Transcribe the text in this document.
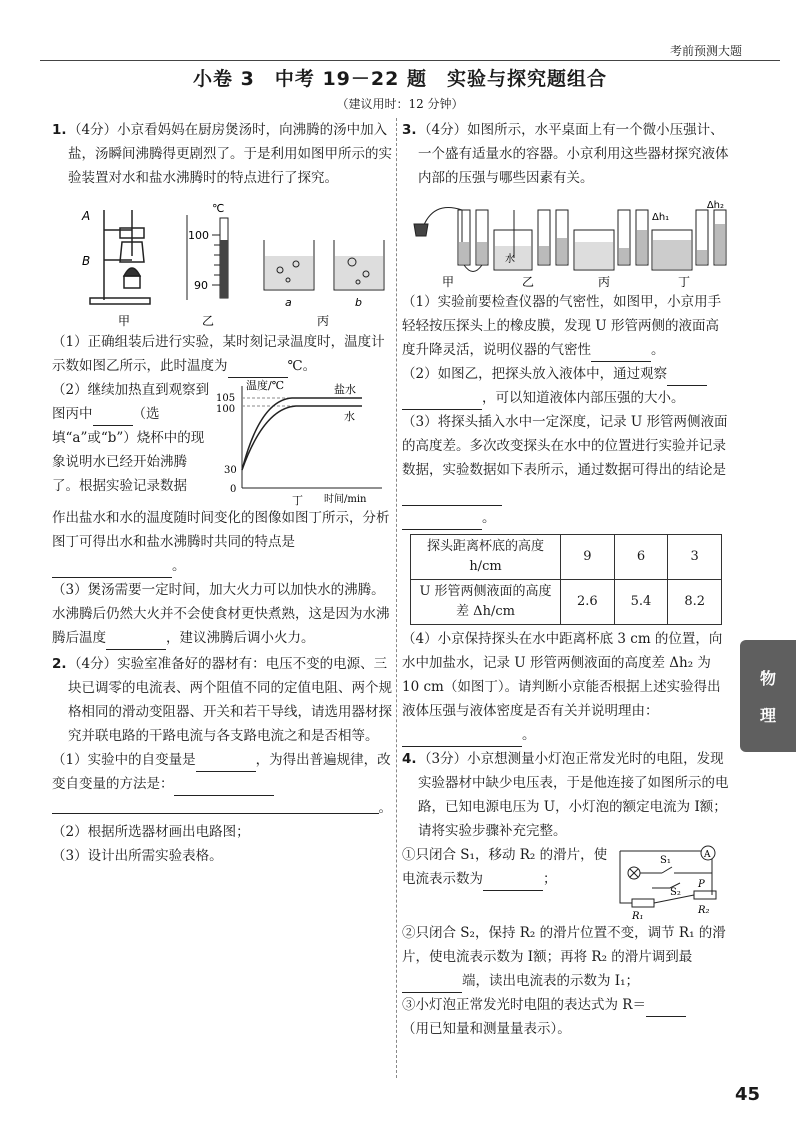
考前预测大题
小卷 3　中考 19－22 题　实验与探究题组合
（建议用时：12 分钟）
1. （4分）小京看妈妈在厨房煲汤时，向沸腾的汤中加入盐，汤瞬间沸腾得更剧烈了。于是利用如图甲所示的实验装置对水和盐水沸腾时的特点进行了探究。
A
B
甲
℃
100
90
乙
a	b
丙
（1）正确组装后进行实验，某时刻记录温度时，温度计示数如图乙所示，此时温度为	℃。
（2）继续加热直到观察到图丙中	（选填“a”或“b”）烧杯中的现象说明水已经开始沸腾了。根据实验记录数据
温度/℃	盐水
水
105
100
30
0
时间/min
丁
作出盐水和水的温度随时间变化的图像如图丁所示，分析图丁可得出水和盐水沸腾时共同的特点是。
（3）煲汤需要一定时间，加大火力可以加快水的沸腾。水沸腾后仍然大火并不会使食材更快煮熟，这是因为水沸腾后温度	，建议沸腾后调小火力。
2. （4分）实验室准备好的器材有：电压不变的电源、三块已调零的电流表、两个阻值不同的定值电阻、两个规格相同的滑动变阻器、开关和若干导线，请选用器材探究并联电路的干路电流与各支路电流之和是否相等。
（1）实验中的自变量是	，为得出普遍规律，改变自变量的方法是：
。
（2）根据所选器材画出电路图；
（3）设计出所需实验表格。
3. （4分）如图所示，水平桌面上有一个微小压强计、一个盛有适量水的容器。小京利用这些器材探究液体内部的压强与哪些因素有关。
Δh₁
Δh₂
水
甲	乙	丙	丁
（1）实验前要检查仪器的气密性，如图甲，小京用手轻轻按压探头上的橡皮膜，发现 U 形管两侧的液面高度升降灵活，说明仪器的气密性	。
（2）如图乙，把探头放入液体中，通过观察
，可以知道液体内部压强的大小。
（3）将探头插入水中一定深度，记录 U 形管两侧液面的高度差。多次改变探头在水中的位置进行实验并记录数据，实验数据如下表所示，通过数据可得出的结论是
。
探头距离杯底的高度 h/cm	9	6	3
U 形管两侧液面的高度差 Δh/cm	2.6	5.4	8.2
（4）小京保持探头在水中距离杯底 3 cm 的位置，向水中加盐水，记录 U 形管两侧液面的高度差 Δh₂ 为 10 cm（如图丁）。请判断小京能否根据上述实验得出液体压强与液体密度是否有关并说明理由：。
4. （3分）小京想测量小灯泡正常发光时的电阻，发现实验器材中缺少电压表，于是他连接了如图所示的电路，已知电源电压为 U，小灯泡的额定电流为 I额；请将实验步骤补充完整。
①只闭合 S₁，移动 R₂ 的滑片，使电流表示数为	；
A
S₁
S₂
P
R₁
R₂
②只闭合 S₂，保持 R₂ 的滑片位置不变，调节 R₁ 的滑片，使电流表示数为 I额；再将 R₂ 的滑片调到最端，读出电流表的示数为 I₁；
③小灯泡正常发光时电阻的表达式为 R＝
（用已知量和测量量表示）。
物
理
45
